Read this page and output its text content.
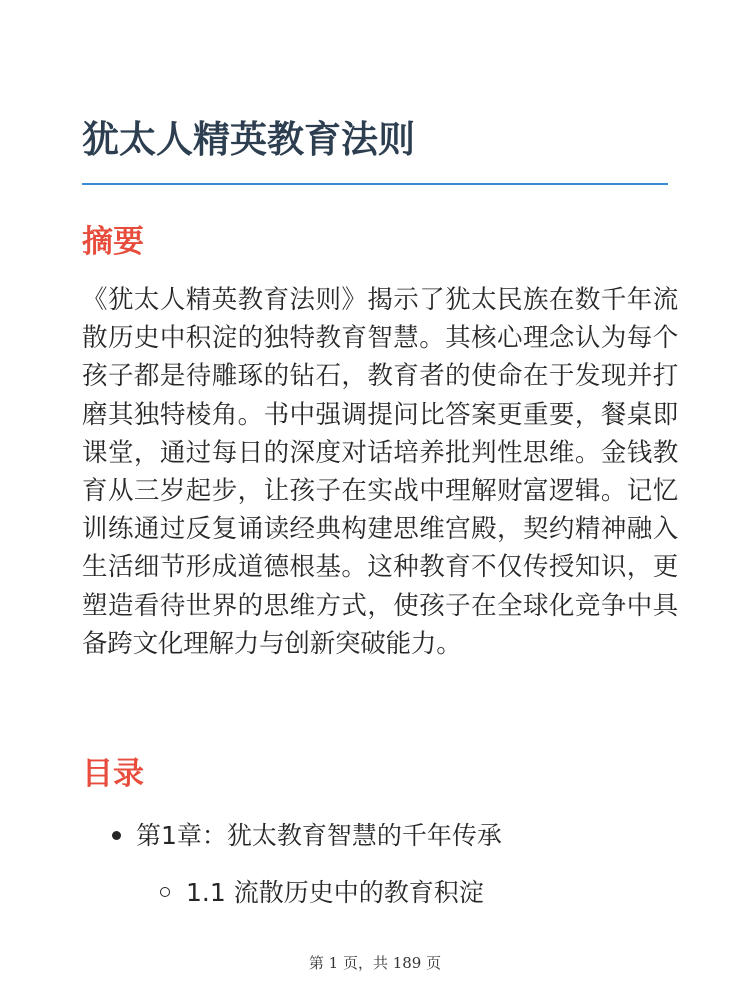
犹太人精英教育法则
摘要

《犹太人精英教育法则》揭示了犹太民族在数千年流散历史中积淀的独特教育智慧。其核心理念认为每个孩子都是待雕琢的钻石，教育者的使命在于发现并打磨其独特棱角。书中强调提问比答案更重要，餐桌即课堂，通过每日的深度对话培养批判性思维。金钱教育从三岁起步，让孩子在实战中理解财富逻辑。记忆训练通过反复诵读经典构建思维宫殿，契约精神融入生活细节形成道德根基。这种教育不仅传授知识，更塑造看待世界的思维方式，使孩子在全球化竞争中具备跨文化理解力与创新突破能力。

目录
第1章：犹太教育智慧的千年传承
1.1 流散历史中的教育积淀
第 1 页，共 189 页
